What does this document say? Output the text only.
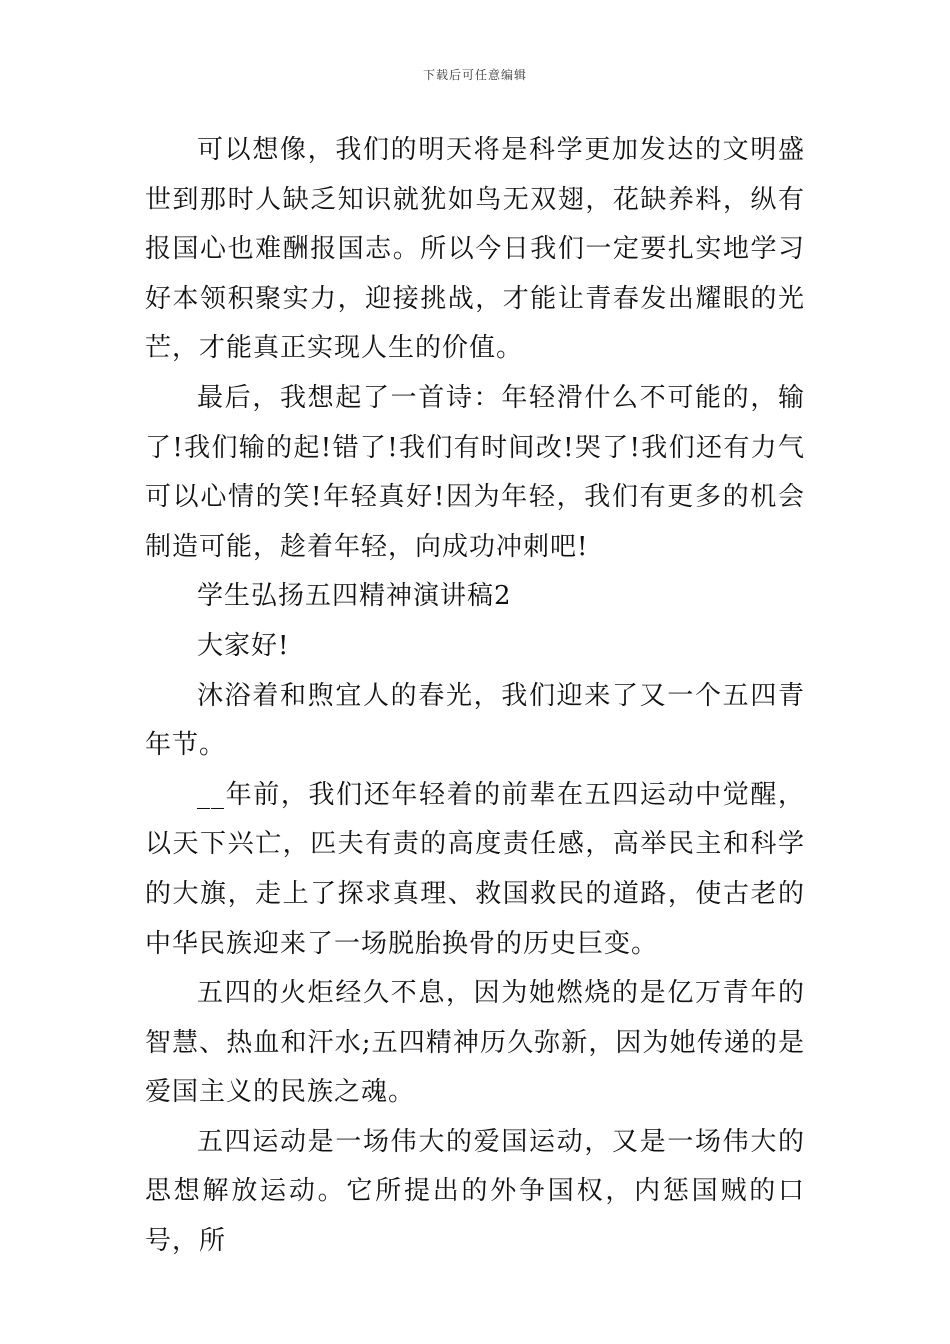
下载后可任意编辑

可以想像，我们的明天将是科学更加发达的文明盛世到那时人缺乏知识就犹如鸟无双翅，花缺养料，纵有报国心也难酬报国志。所以今日我们一定要扎实地学习好本领积聚实力，迎接挑战，才能让青春发出耀眼的光芒，才能真正实现人生的价值。

最后，我想起了一首诗：年轻滑什么不可能的，输了!我们输的起!错了!我们有时间改!哭了!我们还有力气可以心情的笑!年轻真好!因为年轻，我们有更多的机会制造可能，趁着年轻，向成功冲刺吧!

学生弘扬五四精神演讲稿2

大家好!

沐浴着和煦宜人的春光，我们迎来了又一个五四青年节。

__年前，我们还年轻着的前辈在五四运动中觉醒，以天下兴亡，匹夫有责的高度责任感，高举民主和科学的大旗，走上了探求真理、救国救民的道路，使古老的中华民族迎来了一场脱胎换骨的历史巨变。

五四的火炬经久不息，因为她燃烧的是亿万青年的智慧、热血和汗水;五四精神历久弥新，因为她传递的是爱国主义的民族之魂。

五四运动是一场伟大的爱国运动，又是一场伟大的思想解放运动。它所提出的外争国权，内惩国贼的口号，所
